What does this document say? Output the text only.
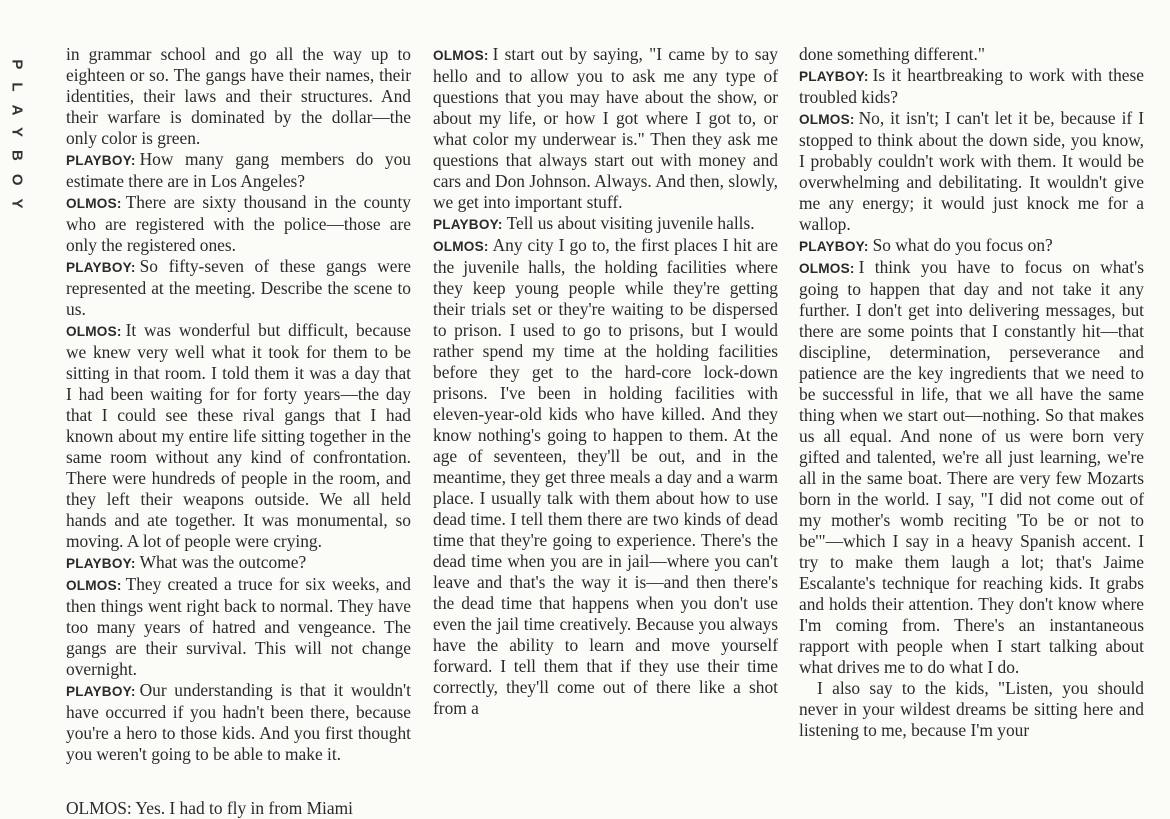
PLAYBOY

in grammar school and go all the way up to eighteen or so. The gangs have their names, their identities, their laws and their structures. And their warfare is dominated by the dollar—the only color is green.

PLAYBOY: How many gang members do you estimate there are in Los Angeles?

OLMOS: There are sixty thousand in the county who are registered with the police—those are only the registered ones.

PLAYBOY: So fifty-seven of these gangs were represented at the meeting. Describe the scene to us.

OLMOS: It was wonderful but difficult, because we knew very well what it took for them to be sitting in that room. I told them it was a day that I had been waiting for for forty years—the day that I could see these rival gangs that I had known about my entire life sitting together in the same room without any kind of confrontation. There were hundreds of people in the room, and they left their weapons outside. We all held hands and ate together. It was monumental, so moving. A lot of people were crying.

PLAYBOY: What was the outcome?

OLMOS: They created a truce for six weeks, and then things went right back to normal. They have too many years of hatred and vengeance. The gangs are their survival. This will not change overnight.

PLAYBOY: Our understanding is that it wouldn't have occurred if you hadn't been there, because you're a hero to those kids. And you first thought you weren't going to be able to make it.

OLMOS: I start out by saying, "I came by to say hello and to allow you to ask me any type of questions that you may have about the show, or about my life, or how I got where I got to, or what color my underwear is." Then they ask me questions that always start out with money and cars and Don Johnson. Always. And then, slowly, we get into important stuff.

PLAYBOY: Tell us about visiting juvenile halls.

OLMOS: Any city I go to, the first places I hit are the juvenile halls, the holding facilities where they keep young people while they're getting their trials set or they're waiting to be dispersed to prison. I used to go to prisons, but I would rather spend my time at the holding facilities before they get to the hard-core lock-down prisons. I've been in holding facilities with eleven-year-old kids who have killed. And they know nothing's going to happen to them. At the age of seventeen, they'll be out, and in the meantime, they get three meals a day and a warm place. I usually talk with them about how to use dead time. I tell them there are two kinds of dead time that they're going to experience. There's the dead time when you are in jail—where you can't leave and that's the way it is—and then there's the dead time that happens when you don't use even the jail time creatively. Because you always have the ability to learn and move yourself forward. I tell them that if they use their time correctly, they'll come out of there like a shot from a

done something different."

PLAYBOY: Is it heartbreaking to work with these troubled kids?

OLMOS: No, it isn't; I can't let it be, because if I stopped to think about the down side, you know, I probably couldn't work with them. It would be overwhelming and debilitating. It wouldn't give me any energy; it would just knock me for a wallop.

PLAYBOY: So what do you focus on?

OLMOS: I think you have to focus on what's going to happen that day and not take it any further. I don't get into delivering messages, but there are some points that I constantly hit—that discipline, determination, perseverance and patience are the key ingredients that we need to be successful in life, that we all have the same thing when we start out—nothing. So that makes us all equal. And none of us were born very gifted and talented, we're all just learning, we're all in the same boat. There are very few Mozarts born in the world. I say, "I did not come out of my mother's womb reciting 'To be or not to be'"—which I say in a heavy Spanish accent. I try to make them laugh a lot; that's Jaime Escalante's technique for reaching kids. It grabs and holds their attention. They don't know where I'm coming from. There's an instantaneous rapport with people when I start talking about what drives me to do what I do.

I also say to the kids, "Listen, you should never in your wildest dreams be sitting here and listening to me, because I'm your

OLMOS: Yes. I had to fly in from Miami
